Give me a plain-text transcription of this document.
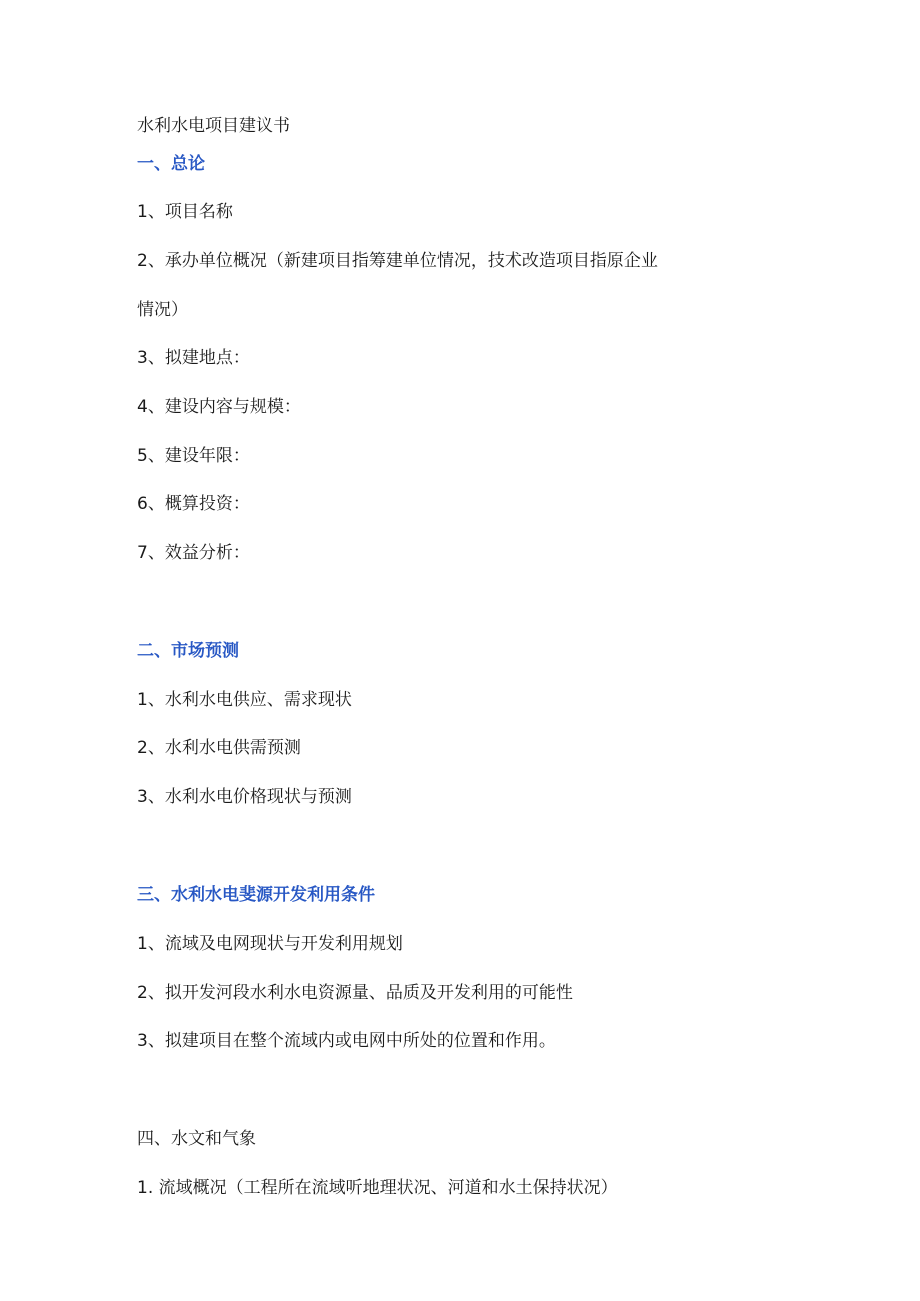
水利水电项目建议书
一、总论
1、项目名称
2、承办单位概况（新建项目指筹建单位情况，技术改造项目指原企业
情况）
3、拟建地点：
4、建设内容与规模：
5、建设年限：
6、概算投资：
7、效益分析：
二、市场预测
1、水利水电供应、需求现状
2、水利水电供需预测
3、水利水电价格现状与预测
三、水利水电斐源开发利用条件
1、流域及电网现状与开发利用规划
2、拟开发河段水利水电资源量、品质及开发利用的可能性
3、拟建项目在整个流域内或电网中所处的位置和作用。
四、水文和气象
1. 流域概况（工程所在流域听地理状况、河道和水土保持状况）
